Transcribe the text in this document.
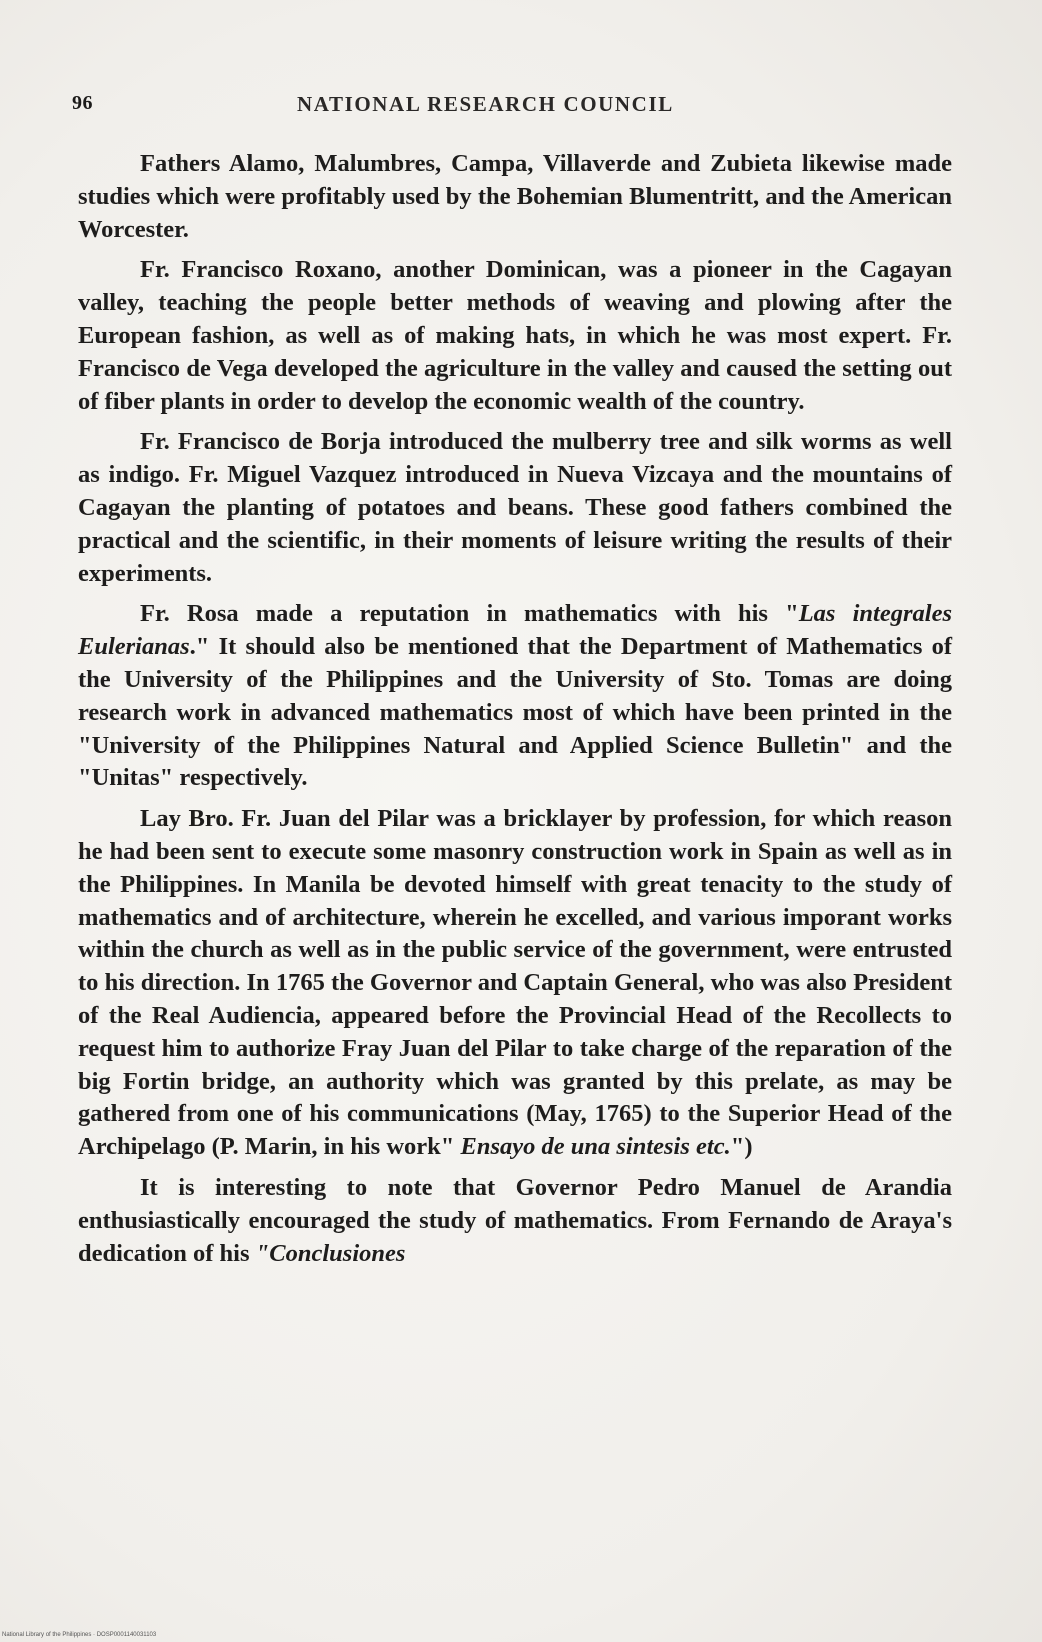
96	NATIONAL RESEARCH COUNCIL

Fathers Alamo, Malumbres, Campa, Villaverde and Zubieta likewise made studies which were profitably used by the Bohemian Blumentritt, and the American Worcester.

Fr. Francisco Roxano, another Dominican, was a pioneer in the Cagayan valley, teaching the people better methods of weaving and plowing after the European fashion, as well as of making hats, in which he was most expert. Fr. Francisco de Vega developed the agriculture in the valley and caused the setting out of fiber plants in order to develop the economic wealth of the country.

Fr. Francisco de Borja introduced the mulberry tree and silk worms as well as indigo. Fr. Miguel Vazquez introduced in Nueva Vizcaya and the mountains of Cagayan the planting of potatoes and beans. These good fathers combined the practical and the scientific, in their moments of leisure writing the results of their experiments.

Fr. Rosa made a reputation in mathematics with his "Las integrales Eulerianas." It should also be mentioned that the Department of Mathematics of the University of the Philippines and the University of Sto. Tomas are doing research work in advanced mathematics most of which have been printed in the "University of the Philippines Natural and Applied Science Bulletin" and the "Unitas" respectively.

Lay Bro. Fr. Juan del Pilar was a bricklayer by profession, for which reason he had been sent to execute some masonry construction work in Spain as well as in the Philippines. In Manila be devoted himself with great tenacity to the study of mathematics and of architecture, wherein he excelled, and various imporant works within the church as well as in the public service of the government, were entrusted to his direction. In 1765 the Governor and Captain General, who was also President of the Real Audiencia, appeared before the Provincial Head of the Recollects to request him to authorize Fray Juan del Pilar to take charge of the reparation of the big Fortin bridge, an authority which was granted by this prelate, as may be gathered from one of his communications (May, 1765) to the Superior Head of the Archipelago (P. Marin, in his work" Ensayo de una sintesis etc.")

It is interesting to note that Governor Pedro Manuel de Arandia enthusiastically encouraged the study of mathematics. From Fernando de Araya's dedication of his "Conclusiones

National Library of the Philippines · DOSP0001140031103
